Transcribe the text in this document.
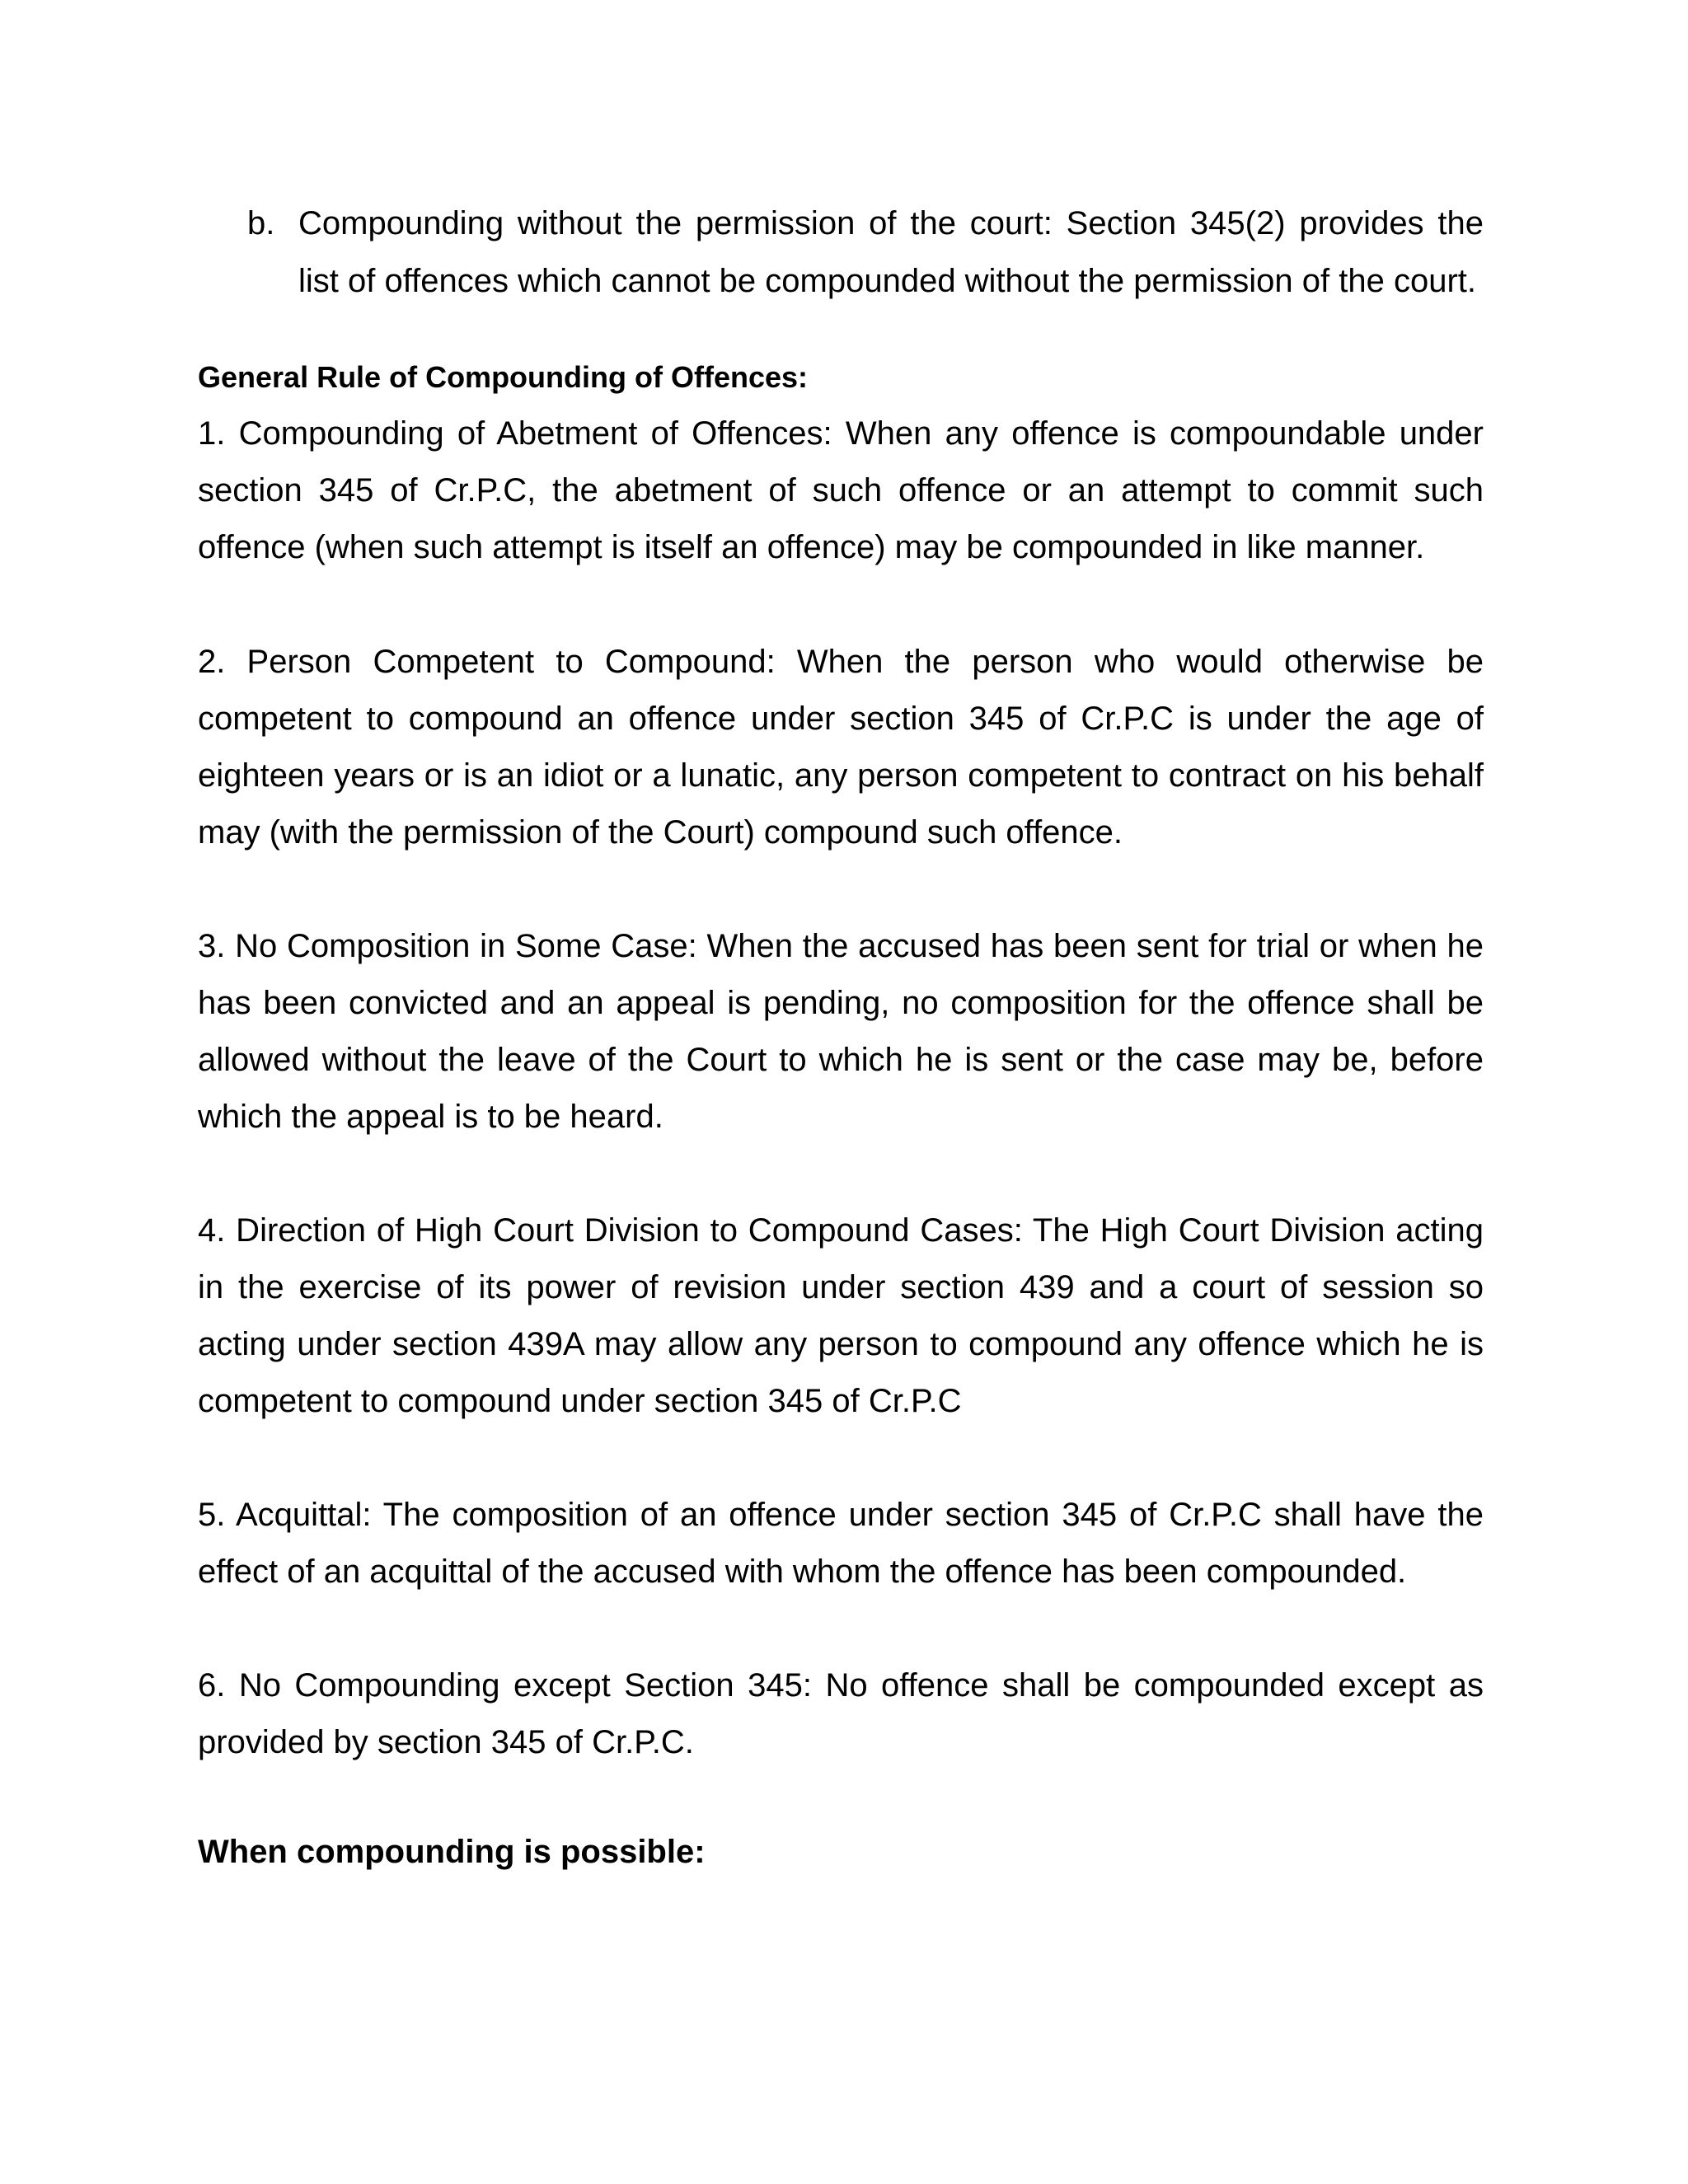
b. Compounding without the permission of the court: Section 345(2) provides the list of offences which cannot be compounded without the permission of the court.
General Rule of Compounding of Offences:

1. Compounding of Abetment of Offences: When any offence is compoundable under section 345 of Cr.P.C, the abetment of such offence or an attempt to commit such offence (when such attempt is itself an offence) may be compounded in like manner.

2. Person Competent to Compound: When the person who would otherwise be competent to compound an offence under section 345 of Cr.P.C is under the age of eighteen years or is an idiot or a lunatic, any person competent to contract on his behalf may (with the permission of the Court) compound such offence.

3. No Composition in Some Case: When the accused has been sent for trial or when he has been convicted and an appeal is pending, no composition for the offence shall be allowed without the leave of the Court to which he is sent or the case may be, before which the appeal is to be heard.

4. Direction of High Court Division to Compound Cases: The High Court Division acting in the exercise of its power of revision under section 439 and a court of session so acting under section 439A may allow any person to compound any offence which he is competent to compound under section 345 of Cr.P.C

5. Acquittal: The composition of an offence under section 345 of Cr.P.C shall have the effect of an acquittal of the accused with whom the offence has been compounded.

6. No Compounding except Section 345: No offence shall be compounded except as provided by section 345 of Cr.P.C.

When compounding is possible:
